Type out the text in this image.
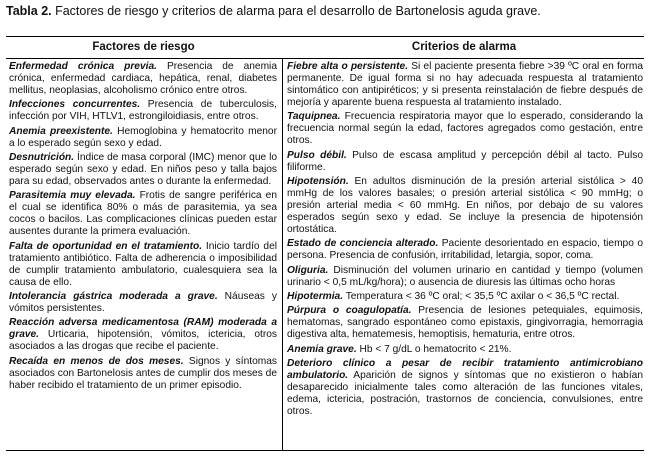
Tabla 2. Factores de riesgo y criterios de alarma para el desarrollo de Bartonelosis aguda grave.
Factores de riesgo	Criterios de alarma

Enfermedad crónica previa. Presencia de anemia crónica, enfermedad cardiaca, hepática, renal, diabetes mellitus, neoplasias, alcoholismo crónico entre otros.

Infecciones concurrentes. Presencia de tuberculosis, infección por VIH, HTLV1, estrongiloidiasis, entre otros.

Anemia preexistente. Hemoglobina y hematocrito menor a lo esperado según sexo y edad.

Desnutrición. Índice de masa corporal (IMC) menor que lo esperado según sexo y edad. En niños peso y talla bajos para su edad, observados antes o durante la enfermedad.

Parasitemia muy elevada. Frotis de sangre periférica en el cual se identifica 80% o más de parasitemia, ya sea cocos o bacilos. Las complicaciones clínicas pueden estar ausentes durante la primera evaluación.

Falta de oportunidad en el tratamiento. Inicio tardío del tratamiento antibiótico. Falta de adherencia o imposibilidad de cumplir tratamiento ambulatorio, cualesquiera sea la causa de ello.

Intolerancia gástrica moderada a grave. Náuseas y vómitos persistentes.

Reacción adversa medicamentosa (RAM) moderada a grave. Urticaria, hipotensión, vómitos, ictericia, otros asociados a las drogas que recibe el paciente.

Recaída en menos de dos meses. Signos y síntomas asociados con Bartonelosis antes de cumplir dos meses de haber recibido el tratamiento de un primer episodio.

Fiebre alta o persistente. Si el paciente presenta fiebre >39 ºC oral en forma permanente. De igual forma si no hay adecuada respuesta al tratamiento sintomático con antipiréticos; y si presenta reinstalación de fiebre después de mejoría y aparente buena respuesta al tratamiento instalado.

Taquipnea. Frecuencia respiratoria mayor que lo esperado, considerando la frecuencia normal según la edad, factores agregados como gestación, entre otros.

Pulso débil. Pulso de escasa amplitud y percepción débil al tacto. Pulso filiforme.

Hipotensión. En adultos disminución de la presión arterial sistólica > 40 mmHg de los valores basales; o presión arterial sistólica < 90 mmHg; o presión arterial media < 60 mmHg. En niños, por debajo de su valores esperados según sexo y edad. Se incluye la presencia de hipotensión ortostática.

Estado de conciencia alterado. Paciente desorientado en espacio, tiempo o persona. Presencia de confusión, irritabilidad, letargia, sopor, coma.

Oliguria. Disminución del volumen urinario en cantidad y tiempo (volumen urinario < 0,5 mL/kg/hora); o ausencia de diuresis las últimas ocho horas

Hipotermia. Temperatura < 36 ºC oral; < 35,5 ºC axilar o < 36,5 ºC rectal.

Púrpura o coagulopatía. Presencia de lesiones petequiales, equimosis, hematomas, sangrado espontáneo como epistaxis, gingivorragia, hemorragia digestiva alta, hematemesis, hemoptisis, hematuria, entre otros.

Anemia grave. Hb < 7 g/dL o hematocrito < 21%.

Deterioro clínico a pesar de recibir tratamiento antimicrobiano ambulatorio. Aparición de signos y síntomas que no existieron o habían desaparecido inicialmente tales como alteración de las funciones vitales, edema, ictericia, postración, trastornos de conciencia, convulsiones, entre otros.
